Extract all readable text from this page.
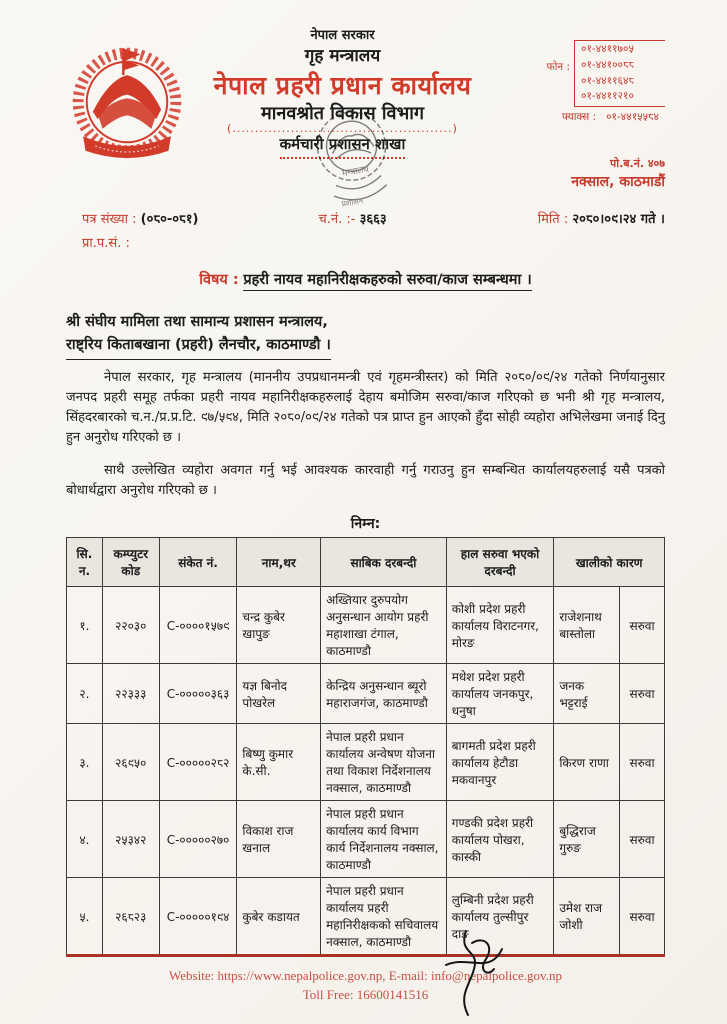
नेपाल सरकार
गृह मन्त्रालय
नेपाल प्रहरी प्रधान कार्यालय
मानवश्रोत विकास विभाग
(.................................................)
कर्मचारी प्रशासन शाखा
फोन :
०१-४४११७०५
०१-४४१००८८
०१-४४११६४८
०१-४४११२१०
फ्याक्स : ०१-४४१५५८४
पो.ब.नं. ४०७
नक्साल, काठमाडौं
मन्त्रालय
प्रशासन
पत्र संख्या : (०८०-०८१)	च.नं. :- ३६६३	मिति : २०८०।०९।२४ गते ।
प्रा.प.सं. :
विषय : प्रहरी नायव महानिरीक्षकहरुको सरुवा/काज सम्बन्धमा ।
श्री संघीय मामिला तथा सामान्य प्रशासन मन्त्रालय,
राष्ट्रिय किताबखाना (प्रहरी) लैनचौर, काठमाण्डौ ।

नेपाल सरकार, गृह मन्त्रालय (माननीय उपप्रधानमन्त्री एवं गृहमन्त्रीस्तर) को मिति २०८०/०९/२४ गतेको निर्णयानुसार जनपद प्रहरी समूह तर्फका प्रहरी नायव महानिरीक्षकहरुलाई देहाय बमोजिम सरुवा/काज गरिएको छ भनी श्री गृह मन्त्रालय, सिंहदरबारको च.न./प्र.प्र.टि. ९७/५९४, मिति २०८०/०९/२४ गतेको पत्र प्राप्त हुन आएको हुँदा सोही व्यहोरा अभिलेखमा जनाई दिनु हुन अनुरोध गरिएको छ ।

साथै उल्लेखित व्यहोरा अवगत गर्नु भई आवश्यक कारवाही गर्नु गराउनु हुन सम्बन्धित कार्यालयहरुलाई यसै पत्रको बोधार्थद्वारा अनुरोध गरिएको छ ।

निम्न:
सि. न.	कम्प्युटर कोड	संकेत नं.	नाम,थर	साबिक दरबन्दी	हाल सरुवा भएको दरबन्दी	खालीको कारण	
१.	२२०३०	C-००००१५७९	चन्द्र कुबेर खापुङ	अख्तियार दुरुपयोग अनुसन्धान आयोग प्रहरी महाशाखा टंगाल, काठमाण्डौ	कोशी प्रदेश प्रहरी कार्यालय विराटनगर, मोरङ	राजेशनाथ बास्तोला	सरुवा
२.	२२३३३	C-०००००३६३	यज्ञ बिनोद पोखरेल	केन्द्रिय अनुसन्धान ब्यूरो महाराजगंज, काठमाण्डौ	मधेश प्रदेश प्रहरी कार्यालय जनकपुर, धनुषा	जनक भट्टराई	सरुवा
३.	२६९५०	C-०००००२८२	बिष्णु कुमार के.सी.	नेपाल प्रहरी प्रधान कार्यालय अन्वेषण योजना तथा विकाश निर्देशनालय नक्साल, काठमाण्डौ	बागमती प्रदेश प्रहरी कार्यालय हेटौडा मकवानपुर	किरण राणा	सरुवा
४.	२५३४२	C-०००००२७०	विकाश राज खनाल	नेपाल प्रहरी प्रधान कार्यालय कार्य विभाग कार्य निर्देशनालय नक्साल, काठमाण्डौ	गण्डकी प्रदेश प्रहरी कार्यालय पोखरा, कास्की	बुद्धिराज गुरुङ	सरुवा
५.	२६८२३	C-०००००१९४	कुबेर कडायत	नेपाल प्रहरी प्रधान कार्यालय प्रहरी महानिरीक्षकको सचिवालय नक्साल, काठमाण्डौ	लुम्बिनी प्रदेश प्रहरी कार्यालय तुल्सीपुर दाङ	उमेश राज जोशी	सरुवा
Website: https://www.nepalpolice.gov.np, E-mail: info@nepalpolice.gov.np
Toll Free: 16600141516
